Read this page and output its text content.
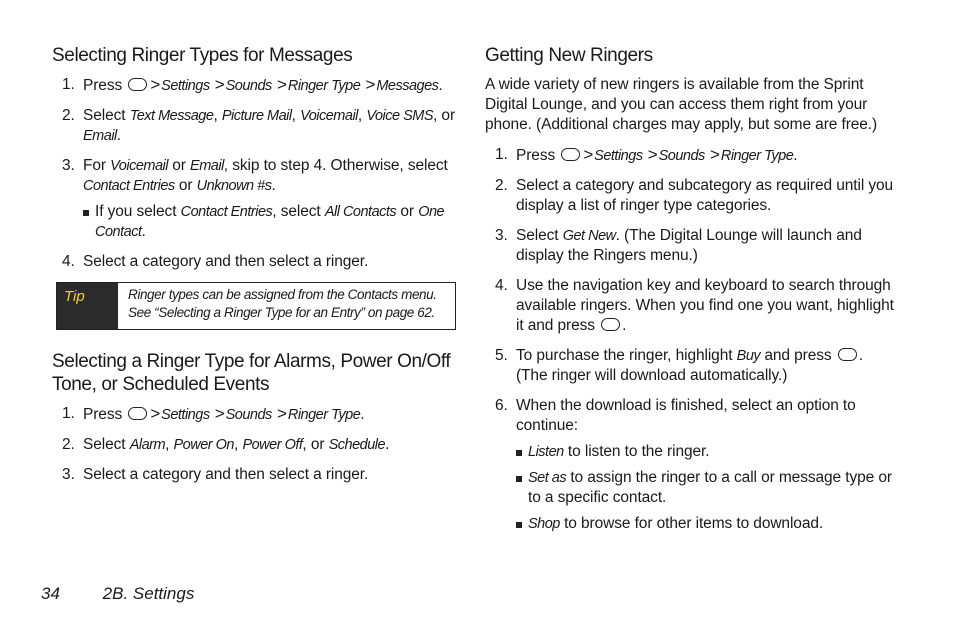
Selecting Ringer Types for Messages
1. Press >Settings >Sounds >Ringer Type >Messages.
2. Select Text Message, Picture Mail, Voicemail, Voice SMS, or Email.
3. For Voicemail or Email, skip to step 4. Otherwise, select Contact Entries or Unknown #s.
If you select Contact Entries, select All Contacts or One Contact.
4. Select a category and then select a ringer.
Tip	Ringer types can be assigned from the Contacts menu. See “Selecting a Ringer Type for an Entry” on page 62.
Selecting a Ringer Type for Alarms, Power On/Off Tone, or Scheduled Events
1. Press >Settings >Sounds >Ringer Type.
2. Select Alarm, Power On, Power Off, or Schedule.
3. Select a category and then select a ringer.
Getting New Ringers

A wide variety of new ringers is available from the Sprint Digital Lounge, and you can access them right from your phone. (Additional charges may apply, but some are free.)

1. Press >Settings >Sounds >Ringer Type.
2. Select a category and subcategory as required until you display a list of ringer type categories.
3. Select Get New. (The Digital Lounge will launch and display the Ringers menu.)
4. Use the navigation key and keyboard to search through available ringers. When you find one you want, highlight it and press .
5. To purchase the ringer, highlight Buy and press . (The ringer will download automatically.)
6. When the download is finished, select an option to continue:
Listen to listen to the ringer.
Set as to assign the ringer to a call or message type or to a specific contact.
Shop to browse for other items to download.
34	2B. Settings
